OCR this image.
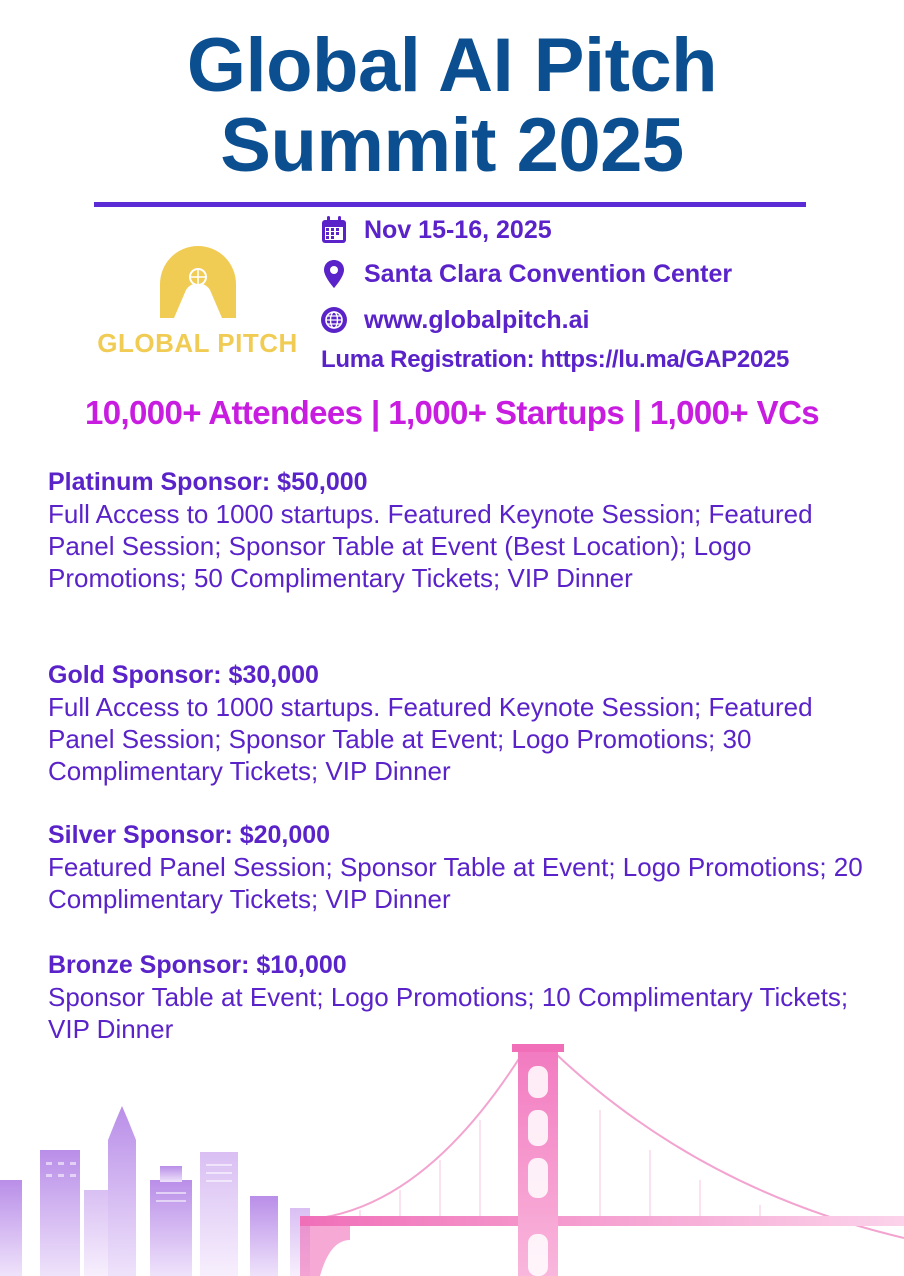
Global AI Pitch
Summit 2025
GLOBAL PITCH
Nov 15-16, 2025
Santa Clara Convention Center
www.globalpitch.ai
Luma Registration: https://lu.ma/GAP2025
10,000+ Attendees | 1,000+ Startups | 1,000+ VCs
Platinum Sponsor: $50,000
Full Access to 1000 startups. Featured Keynote Session; Featured Panel Session; Sponsor Table at Event (Best Location); Logo Promotions; 50 Complimentary Tickets; VIP Dinner
Gold Sponsor: $30,000
Full Access to 1000 startups. Featured Keynote Session; Featured Panel Session; Sponsor Table at Event; Logo Promotions; 30 Complimentary Tickets; VIP Dinner
Silver Sponsor: $20,000
Featured Panel Session; Sponsor Table at Event; Logo Promotions; 20 Complimentary Tickets; VIP Dinner
Bronze Sponsor: $10,000
Sponsor Table at Event; Logo Promotions; 10 Complimentary Tickets; VIP Dinner
